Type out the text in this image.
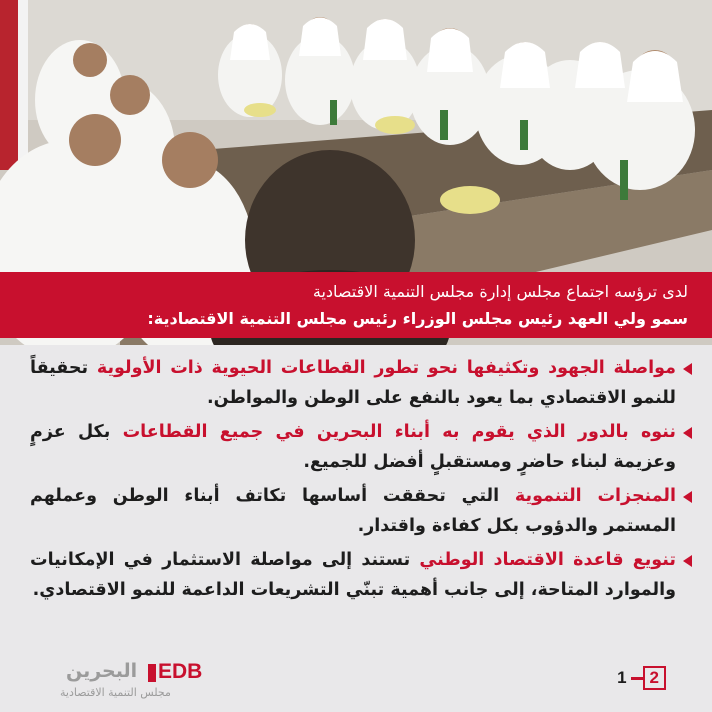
لدى ترؤسه اجتماع مجلس إدارة مجلس التنمية الاقتصادية
سمو ولي العهد رئيس مجلس الوزراء رئيس مجلس التنمية الاقتصادية:

مواصلة الجهود وتكثيفها نحو تطور القطاعات الحيوية ذات الأولوية تحقيقاً للنمو الاقتصادي بما يعود بالنفع على الوطن والمواطن.

ننوه بالدور الذي يقوم به أبناء البحرين في جميع القطاعات بكل عزمٍ وعزيمة لبناء حاضرٍ ومستقبلٍ أفضل للجميع.

المنجزات التنموية التي تحققت أساسها تكاتف أبناء الوطن وعملهم المستمر والدؤوب بكل كفاءة واقتدار.

تنويع قاعدة الاقتصاد الوطني تستند إلى مواصلة الاستثمار في الإمكانيات والموارد المتاحة، إلى جانب أهمية تبنّي التشريعات الداعمة للنمو الاقتصادي.

البحرين EDB
مجلس التنمية الاقتصادية
1	2
